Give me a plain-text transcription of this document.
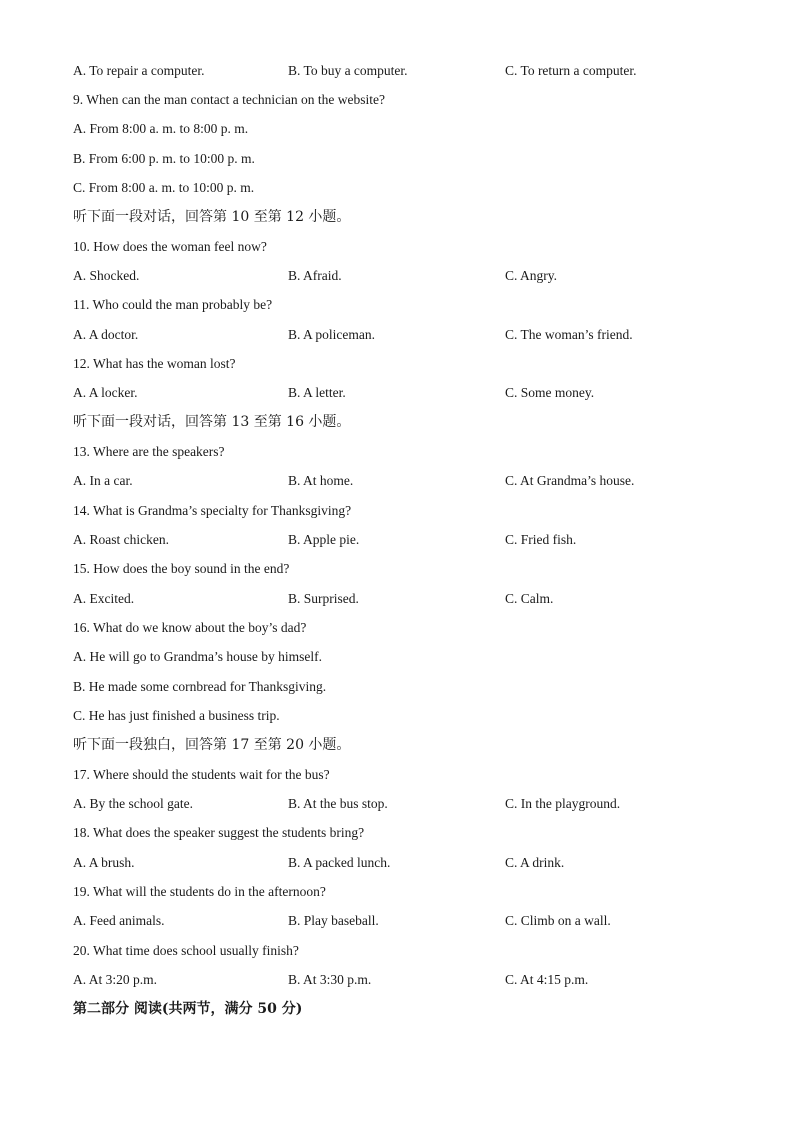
A. To repair a computer.	B. To buy a computer.	C. To return a computer.
9. When can the man contact a technician on the website?
A. From 8:00 a. m. to 8:00 p. m.
B. From 6:00 p. m. to 10:00 p. m.
C. From 8:00 a. m. to 10:00 p. m.
听下面一段对话，回答第 10 至第 12 小题。
10. How does the woman feel now?
A. Shocked.	B. Afraid.	C. Angry.
11. Who could the man probably be?
A. A doctor.	B. A policeman.	C. The woman’s friend.
12. What has the woman lost?
A. A locker.	B. A letter.	C. Some money.
听下面一段对话，回答第 13 至第 16 小题。
13. Where are the speakers?
A. In a car.	B. At home.	C. At Grandma’s house.
14. What is Grandma’s specialty for Thanksgiving?
A. Roast chicken.	B. Apple pie.	C. Fried fish.
15. How does the boy sound in the end?
A. Excited.	B. Surprised.	C. Calm.
16. What do we know about the boy’s dad?
A. He will go to Grandma’s house by himself.
B. He made some cornbread for Thanksgiving.
C. He has just finished a business trip.
听下面一段独白，回答第 17 至第 20 小题。
17. Where should the students wait for the bus?
A. By the school gate.	B. At the bus stop.	C. In the playground.
18. What does the speaker suggest the students bring?
A. A brush.	B. A packed lunch.	C. A drink.
19. What will the students do in the afternoon?
A. Feed animals.	B. Play baseball.	C. Climb on a wall.
20. What time does school usually finish?
A. At 3:20 p.m.	B. At 3:30 p.m.	C. At 4:15 p.m.
第二部分 阅读(共两节，满分 50 分)
